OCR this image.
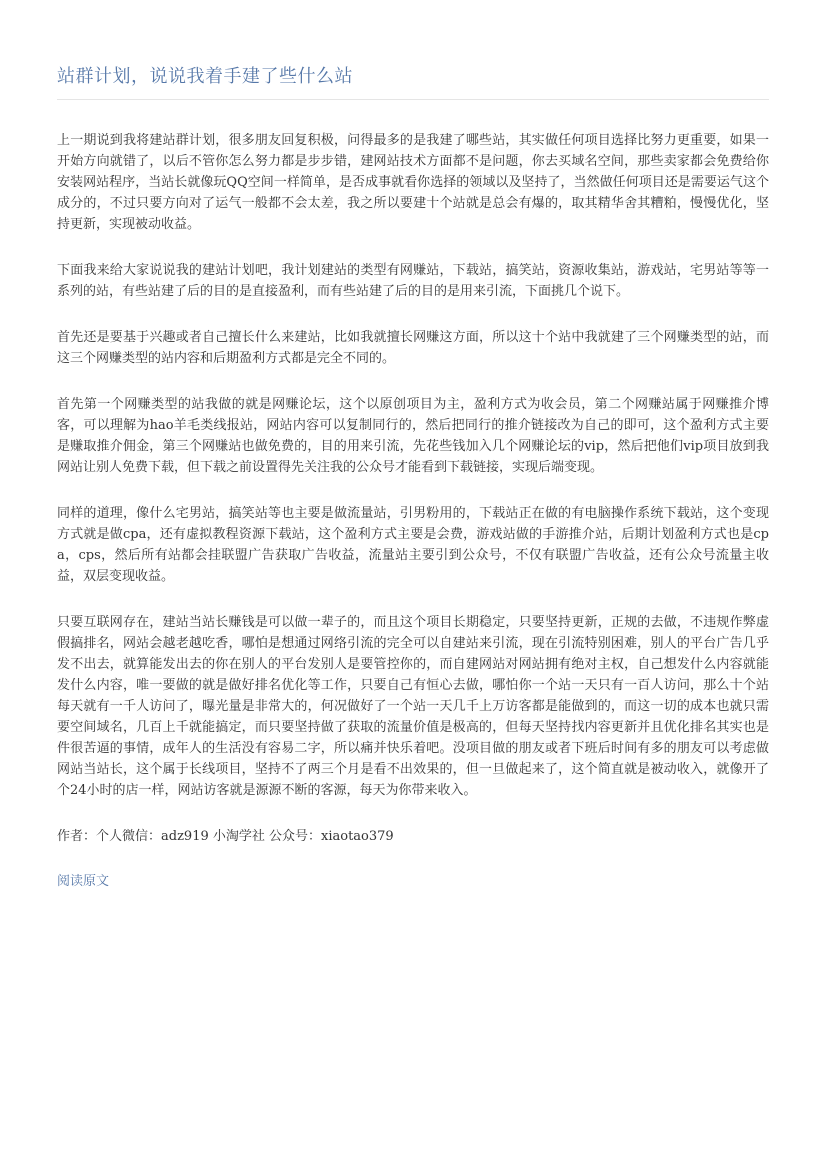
站群计划，说说我着手建了些什么站

上一期说到我将建站群计划，很多朋友回复积极，问得最多的是我建了哪些站，其实做任何项目选择比努力更重要，如果一开始方向就错了，以后不管你怎么努力都是步步错，建网站技术方面都不是问题，你去买域名空间，那些卖家都会免费给你安装网站程序，当站长就像玩QQ空间一样简单，是否成事就看你选择的领域以及坚持了，当然做任何项目还是需要运气这个成分的，不过只要方向对了运气一般都不会太差，我之所以要建十个站就是总会有爆的，取其精华舍其糟粕，慢慢优化，坚持更新，实现被动收益。

下面我来给大家说说我的建站计划吧，我计划建站的类型有网赚站，下载站，搞笑站，资源收集站，游戏站，宅男站等等一系列的站，有些站建了后的目的是直接盈利，而有些站建了后的目的是用来引流，下面挑几个说下。

首先还是要基于兴趣或者自己擅长什么来建站，比如我就擅长网赚这方面，所以这十个站中我就建了三个网赚类型的站，而这三个网赚类型的站内容和后期盈利方式都是完全不同的。

首先第一个网赚类型的站我做的就是网赚论坛，这个以原创项目为主，盈利方式为收会员，第二个网赚站属于网赚推介博客，可以理解为hao羊毛类线报站，网站内容可以复制同行的，然后把同行的推介链接改为自己的即可，这个盈利方式主要是赚取推介佣金，第三个网赚站也做免费的，目的用来引流，先花些钱加入几个网赚论坛的vip，然后把他们vip项目放到我网站让别人免费下载，但下载之前设置得先关注我的公众号才能看到下载链接，实现后端变现。

同样的道理，像什么宅男站，搞笑站等也主要是做流量站，引男粉用的，下载站正在做的有电脑操作系统下载站，这个变现方式就是做cpa，还有虚拟教程资源下载站，这个盈利方式主要是会费，游戏站做的手游推介站，后期计划盈利方式也是cpa，cps，然后所有站都会挂联盟广告获取广告收益，流量站主要引到公众号，不仅有联盟广告收益，还有公众号流量主收益，双层变现收益。

只要互联网存在，建站当站长赚钱是可以做一辈子的，而且这个项目长期稳定，只要坚持更新，正规的去做，不违规作弊虚假搞排名，网站会越老越吃香，哪怕是想通过网络引流的完全可以自建站来引流，现在引流特别困难，别人的平台广告几乎发不出去，就算能发出去的你在别人的平台发别人是要管控你的，而自建网站对网站拥有绝对主权，自己想发什么内容就能发什么内容，唯一要做的就是做好排名优化等工作，只要自己有恒心去做，哪怕你一个站一天只有一百人访问，那么十个站每天就有一千人访问了，曝光量是非常大的，何况做好了一个站一天几千上万访客都是能做到的，而这一切的成本也就只需要空间域名，几百上千就能搞定，而只要坚持做了获取的流量价值是极高的，但每天坚持找内容更新并且优化排名其实也是件很苦逼的事情，成年人的生活没有容易二字，所以痛并快乐着吧。没项目做的朋友或者下班后时间有多的朋友可以考虑做网站当站长，这个属于长线项目，坚持不了两三个月是看不出效果的，但一旦做起来了，这个简直就是被动收入，就像开了个24小时的店一样，网站访客就是源源不断的客源，每天为你带来收入。

作者：个人微信：adz919 小淘学社 公众号：xiaotao379

阅读原文
